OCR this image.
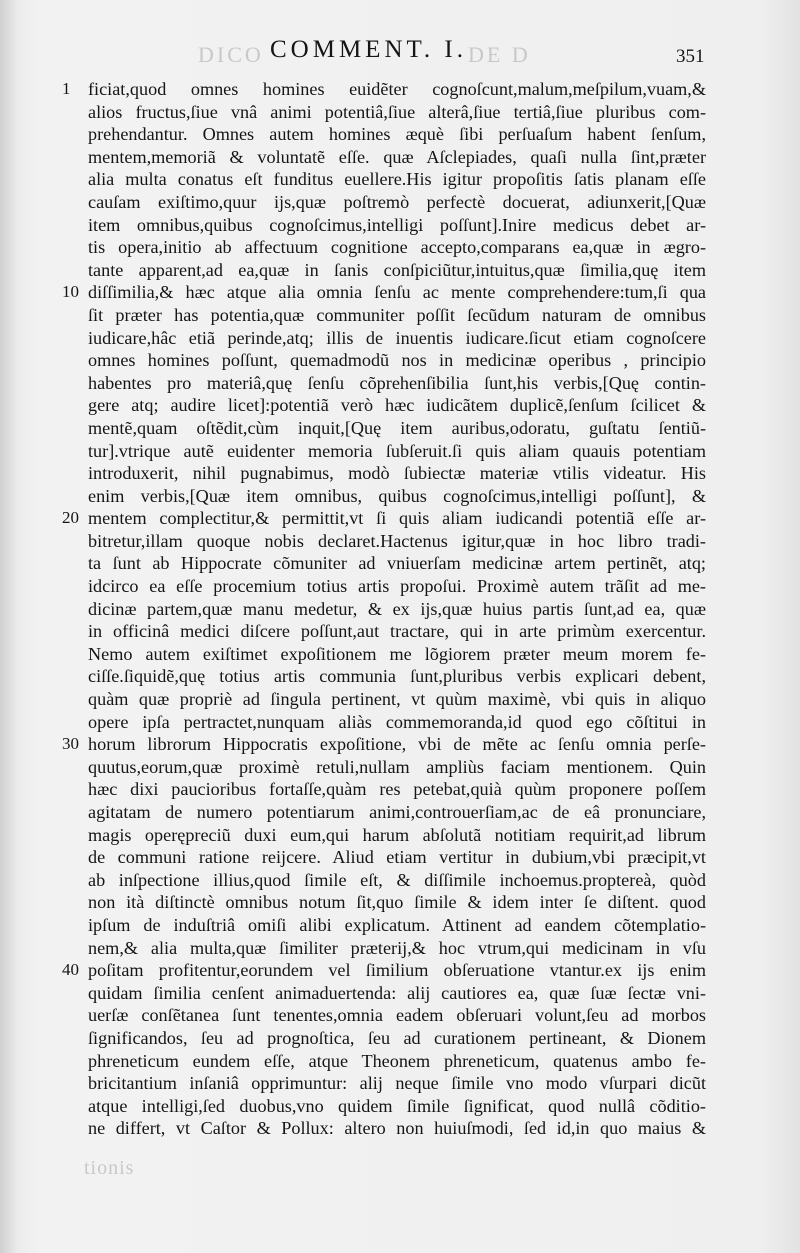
DICO	DE D
COMMENT. I.	351
1 ficiat,quod omnes homines euidẽter cognoſcunt,malum,meſpilum,vuam,&
alios fructus,ſiue vnâ animi potentiâ,ſiue alterâ,ſiue tertiâ,ſiue pluribus com-
prehendantur. Omnes autem homines æquè ſibi perſuaſum habent ſenſum,
mentem,memoriã & voluntatẽ eſſe. quæ Aſclepiades, quaſi nulla ſint,præter
alia multa conatus eſt funditus euellere.His igitur propoſitis ſatis planam eſſe
cauſam exiſtimo,quur ijs,quæ poſtremò perfectè docuerat, adiunxerit,[Quæ
item omnibus,quibus cognoſcimus,intelligi poſſunt].Inire medicus debet ar-
tis opera,initio ab affectuum cognitione accepto,comparans ea,quæ in ægro-
tante apparent,ad ea,quæ in ſanis conſpiciũtur,intuitus,quæ ſimilia,quę item
10 diſſimilia,& hæc atque alia omnia ſenſu ac mente comprehendere:tum,ſi qua
ſit præter has potentia,quæ communiter poſſit ſecũdum naturam de omnibus
iudicare,hâc etiã perinde,atq; illis de inuentis iudicare.ſicut etiam cognoſcere
omnes homines poſſunt, quemadmodũ nos in medicinæ operibus , principio
habentes pro materiâ,quę ſenſu cõprehenſibilia ſunt,his verbis,[Quę contin-
gere atq; audire licet]:potentiã verò hæc iudicãtem duplicẽ,ſenſum ſcilicet &
mentẽ,quam oſtẽdit,cùm inquit,[Quę item auribus,odoratu, guſtatu ſentiũ-
tur].vtrique autẽ euidenter memoria ſubſeruit.ſi quis aliam quauis potentiam
introduxerit, nihil pugnabimus, modò ſubiectæ materiæ vtilis videatur. His
enim verbis,[Quæ item omnibus, quibus cognoſcimus,intelligi poſſunt], &
20 mentem complectitur,& permittit,vt ſi quis aliam iudicandi potentiã eſſe ar-
bitretur,illam quoque nobis declaret.Hactenus igitur,quæ in hoc libro tradi-
ta ſunt ab Hippocrate cõmuniter ad vniuerſam medicinæ artem pertinẽt, atq;
idcirco ea eſſe procemium totius artis propoſui. Proximè autem trãſit ad me-
dicinæ partem,quæ manu medetur, & ex ijs,quæ huius partis ſunt,ad ea, quæ
in officinâ medici diſcere poſſunt,aut tractare, qui in arte primùm exercentur.
Nemo autem exiſtimet expoſitionem me lõgiorem præter meum morem fe-
ciſſe.ſiquidẽ,quę totius artis communia ſunt,pluribus verbis explicari debent,
quàm quæ propriè ad ſingula pertinent, vt quùm maximè, vbi quis in aliquo
opere ipſa pertractet,nunquam aliàs commemoranda,id quod ego cõſtitui in
30 horum librorum Hippocratis expoſitione, vbi de mẽte ac ſenſu omnia perſe-
quutus,eorum,quæ proximè retuli,nullam ampliùs faciam mentionem. Quin
hæc dixi paucioribus fortaſſe,quàm res petebat,quià quùm proponere poſſem
agitatam de numero potentiarum animi,controuerſiam,ac de eâ pronunciare,
magis operępreciũ duxi eum,qui harum abſolutã notitiam requirit,ad librum
de communi ratione reijcere. Aliud etiam vertitur in dubium,vbi præcipit,vt
ab inſpectione illius,quod ſimile eſt, & diſſimile inchoemus.proptereà, quòd
non ità diſtinctè omnibus notum ſit,quo ſimile & idem inter ſe diſtent. quod
ipſum de induſtriâ omiſi alibi explicatum. Attinent ad eandem cõtemplatio-
nem,& alia multa,quæ ſimiliter præterij,& hoc vtrum,qui medicinam in vſu
40 poſitam profitentur,eorundem vel ſimilium obſeruatione vtantur.ex ijs enim
quidam ſimilia cenſent animaduertenda: alij cautiores ea, quæ ſuæ ſectæ vni-
uerſæ conſẽtanea ſunt tenentes,omnia eadem obſeruari volunt,ſeu ad morbos
ſignificandos, ſeu ad prognoſtica, ſeu ad curationem pertineant, & Dionem
phreneticum eundem eſſe, atque Theonem phreneticum, quatenus ambo fe-
bricitantium inſaniâ opprimuntur: alij neque ſimile vno modo vſurpari dicũt
atque intelligi,ſed duobus,vno quidem ſimile ſignificat, quod nullâ cõditio-
ne differt, vt Caſtor & Pollux: altero non huiuſmodi, ſed id,in quo maius &
tionis
